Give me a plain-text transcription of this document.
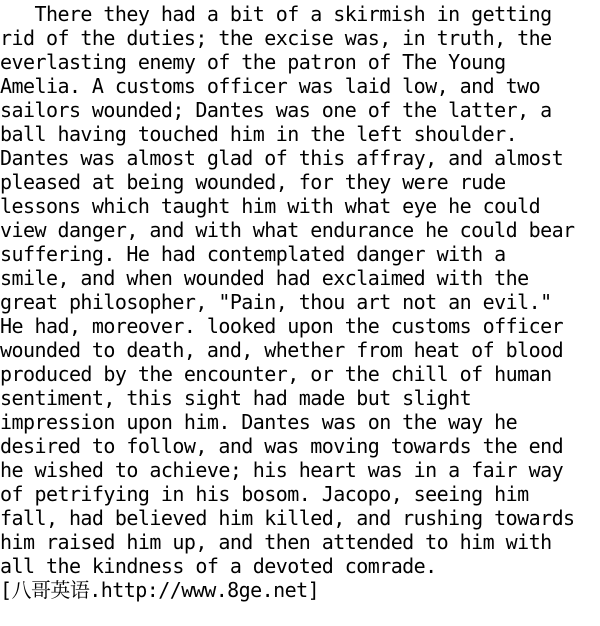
There they had a bit of a skirmish in getting

rid of the duties; the excise was, in truth, the

everlasting enemy of the patron of The Young

Amelia. A customs officer was laid low, and two

sailors wounded; Dantes was one of the latter, a

ball having touched him in the left shoulder.

Dantes was almost glad of this affray, and almost

pleased at being wounded, for they were rude

lessons which taught him with what eye he could

view danger, and with what endurance he could bear

suffering. He had contemplated danger with a

smile, and when wounded had exclaimed with the

great philosopher, "Pain, thou art not an evil."

He had, moreover. looked upon the customs officer

wounded to death, and, whether from heat of blood

produced by the encounter, or the chill of human

sentiment, this sight had made but slight

impression upon him. Dantes was on the way he

desired to follow, and was moving towards the end

he wished to achieve; his heart was in a fair way

of petrifying in his bosom. Jacopo, seeing him

fall, had believed him killed, and rushing towards

him raised him up, and then attended to him with

all the kindness of a devoted comrade.

[八哥英语.http://www.8ge.net]
